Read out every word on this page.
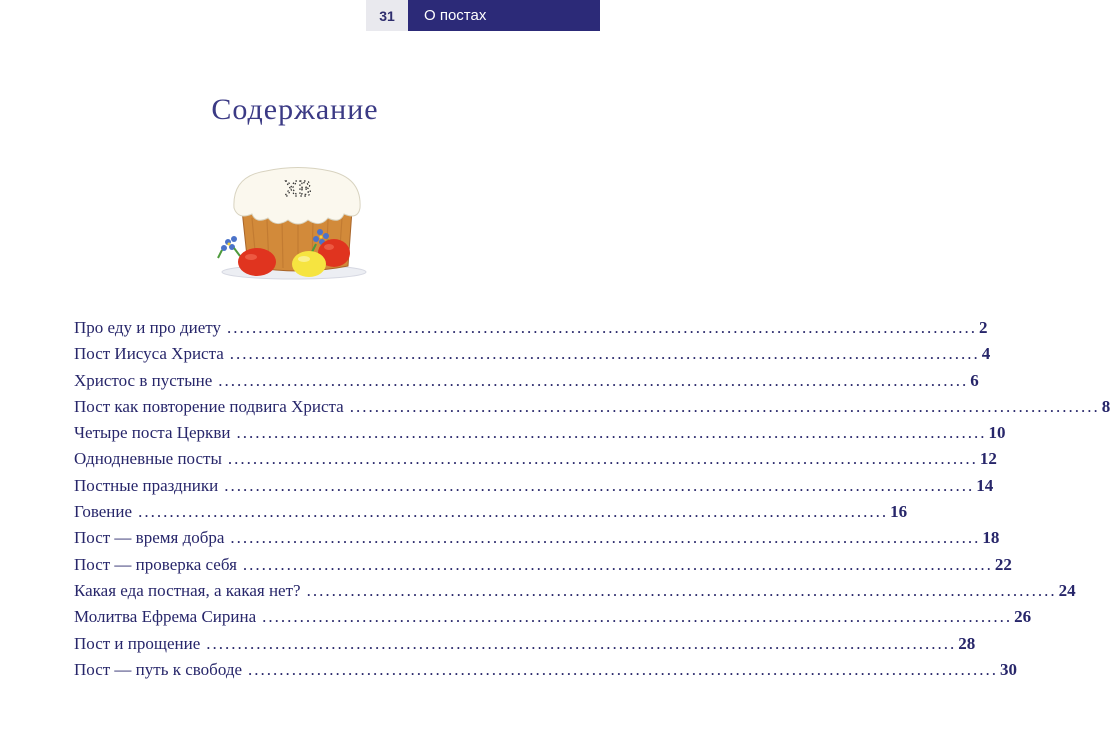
31	О постах
Содержание
ХВ
Про еду и про диету ........................................................................................................................ 2
Пост Иисуса Христа ........................................................................................................................ 4
Христос в пустыне ........................................................................................................................ 6
Пост как повторение подвига Христа ........................................................................................................................ 8
Четыре поста Церкви ........................................................................................................................ 10
Однодневные посты ........................................................................................................................ 12
Постные праздники ........................................................................................................................ 14
Говение ........................................................................................................................ 16
Пост — время добра ........................................................................................................................ 18
Пост — проверка себя ........................................................................................................................ 22
Какая еда постная, а какая нет? ........................................................................................................................ 24
Молитва Ефрема Сирина ........................................................................................................................ 26
Пост и прощение ........................................................................................................................ 28
Пост — путь к свободе ........................................................................................................................ 30
